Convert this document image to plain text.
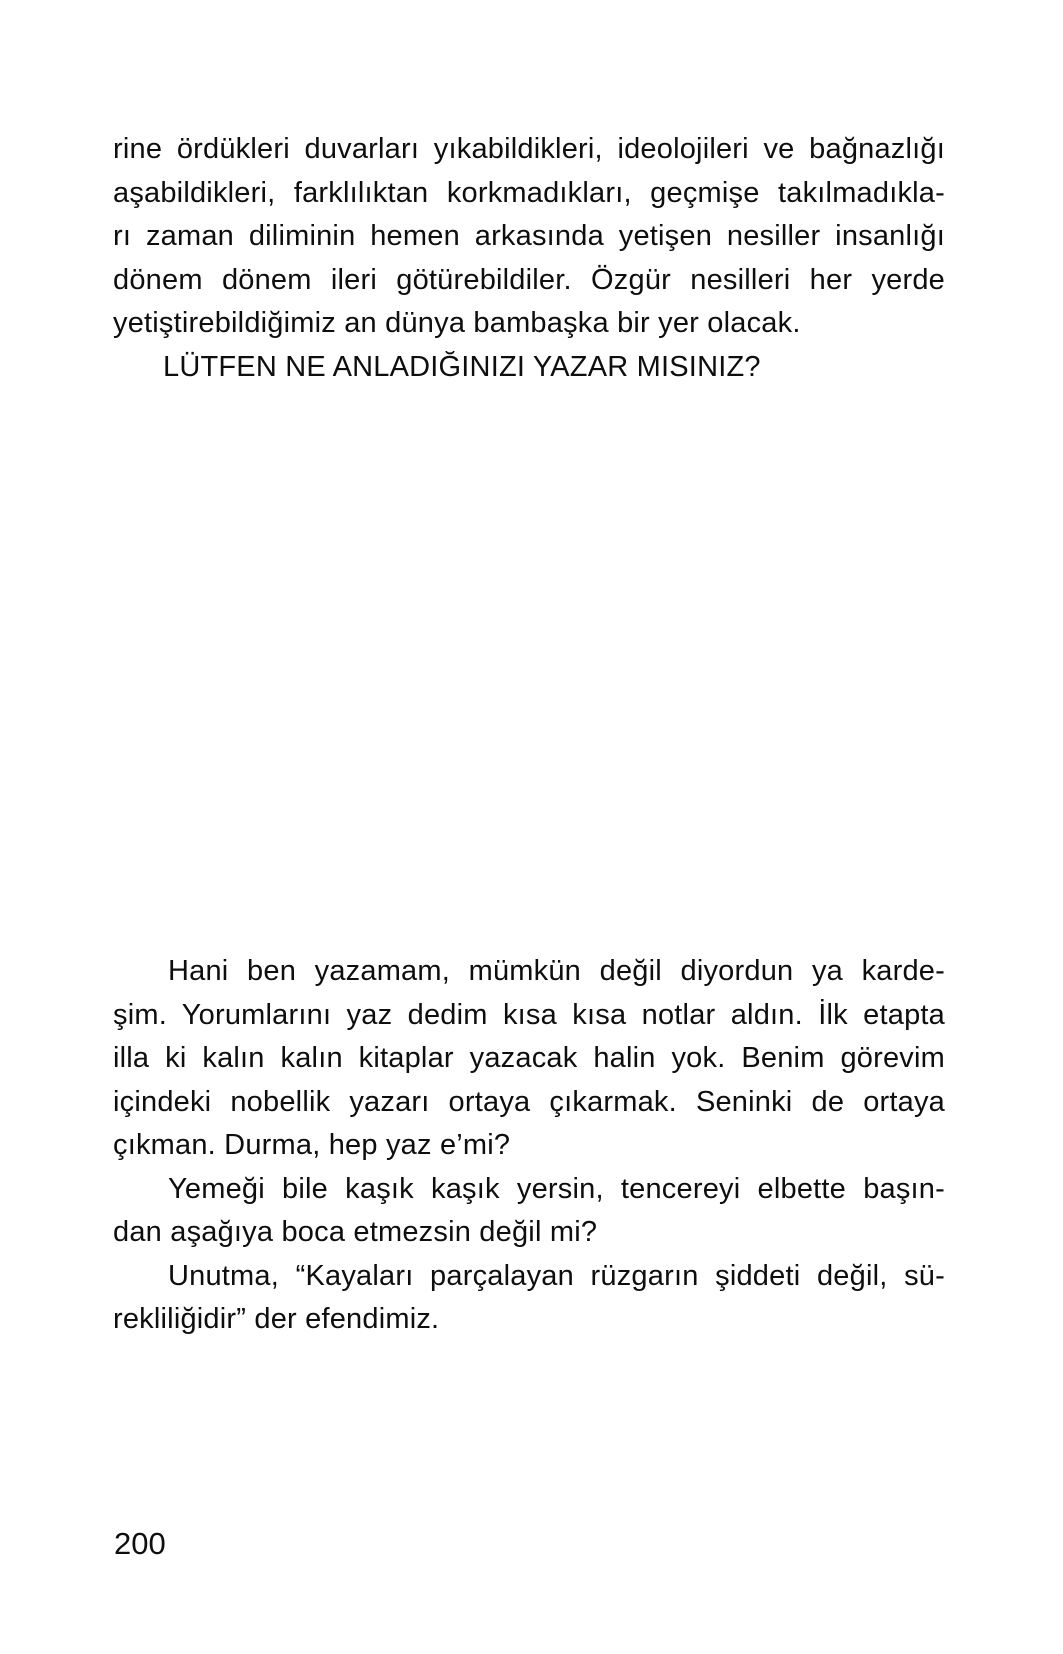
rine ördükleri duvarları yıkabildikleri, ideolojileri ve bağnazlığı
aşabildikleri, farklılıktan korkmadıkları, geçmişe takılmadıkla-
rı zaman diliminin hemen arkasında yetişen nesiller insanlığı
dönem dönem ileri götürebildiler. Özgür nesilleri her yerde
yetiştirebildiğimiz an dünya bambaşka bir yer olacak.
LÜTFEN NE ANLADIĞINIZI YAZAR MISINIZ?
Hani ben yazamam, mümkün değil diyordun ya karde-
şim. Yorumlarını yaz dedim kısa kısa notlar aldın. İlk etapta
illa ki kalın kalın kitaplar yazacak halin yok. Benim görevim
içindeki nobellik yazarı ortaya çıkarmak. Seninki de ortaya
çıkman. Durma, hep yaz e’mi?
Yemeği bile kaşık kaşık yersin, tencereyi elbette başın-
dan aşağıya boca etmezsin değil mi?
Unutma, “Kayaları parçalayan rüzgarın şiddeti değil, sü-
rekliliğidir” der efendimiz.
200
